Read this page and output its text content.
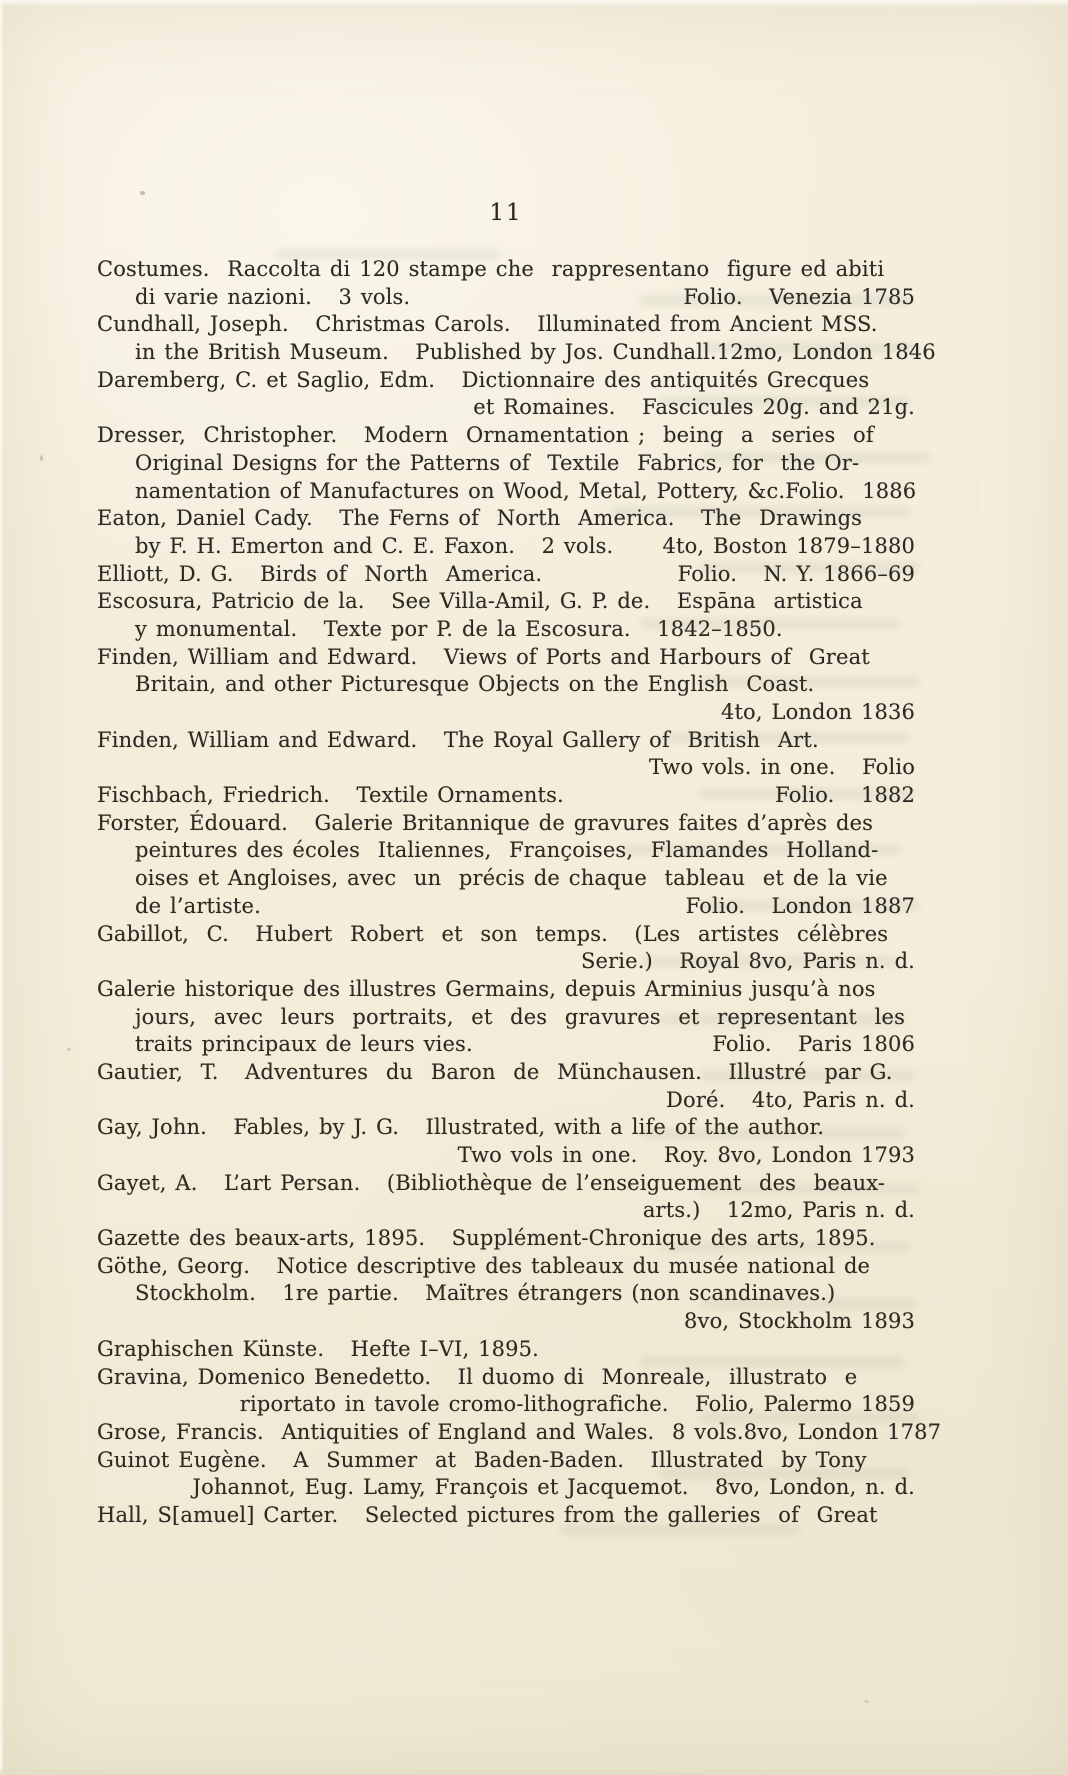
11
Costumes.  Raccolta di 120 stampe che  rappresentano  figure ed abiti
di varie nazioni.   3 vols.	Folio.   Venezia 1785
Cundhall, Joseph.   Christmas Carols.   Illuminated from Ancient MSS.
in the British Museum.   Published by Jos. Cundhall. 12mo, London 1846
Daremberg, C. et Saglio, Edm.   Dictionnaire des antiquités Grecques
et Romaines.   Fascicules 20g. and 21g.
Dresser,  Christopher.   Modern  Ornamentation ;  being  a  series  of
Original Designs for the Patterns of  Textile  Fabrics, for  the Or-
namentation of Manufactures on Wood, Metal, Pottery, &c. Folio.  1886
Eaton, Daniel Cady.   The Ferns of  North  America.   The  Drawings
by F. H. Emerton and C. E. Faxon.   2 vols. 4to, Boston 1879–1880
Elliott, D. G.   Birds of  North  America.	Folio.   N. Y. 1866–69
Escosura, Patricio de la.   See Villa-Amil, G. P. de.   Espāna  artistica
y monumental.   Texte por P. de la Escosura.   1842–1850.
Finden, William and Edward.   Views of Ports and Harbours of  Great
Britain, and other Picturesque Objects on the English  Coast.
4to, London 1836
Finden, William and Edward.   The Royal Gallery of  British  Art.
Two vols. in one.   Folio
Fischbach, Friedrich.   Textile Ornaments.	Folio.   1882
Forster, Édouard.   Galerie Britannique de gravures faites d’après des
peintures des écoles  Italiennes,  Françoises,  Flamandes  Holland-
oises et Angloises, avec  un  précis de chaque  tableau  et de la vie
de l’artiste.	Folio.   London 1887
Gabillot,  C.   Hubert  Robert  et  son  temps.   (Les  artistes  célèbres
Serie.)   Royal 8vo, Paris n. d.
Galerie historique des illustres Germains, depuis Arminius jusqu’à nos
jours,  avec  leurs  portraits,  et  des  gravures  et  representant  les
traits principaux de leurs vies.	Folio.   Paris 1806
Gautier,  T.   Adventures  du  Baron  de  Münchausen.   Illustré  par G.
Doré.   4to, Paris n. d.
Gay, John.   Fables, by J. G.   Illustrated, with a life of the author.
Two vols in one.   Roy. 8vo, London 1793
Gayet, A.   L’art Persan.   (Bibliothèque de l’enseiguement  des  beaux-
arts.)   12mo, Paris n. d.
Gazette des beaux-arts, 1895.   Supplément-Chronique des arts, 1895.
Göthe, Georg.   Notice descriptive des tableaux du musée national de
Stockholm.   1re partie.   Maïtres étrangers (non scandinaves.)
8vo, Stockholm 1893
Graphischen Künste.   Hefte I–VI, 1895.
Gravina, Domenico Benedetto.   Il duomo di  Monreale,  illustrato  e
riportato in tavole cromo-lithografiche.   Folio, Palermo 1859
Grose, Francis.  Antiquities of England and Wales.  8 vols. 8vo, London 1787
Guinot Eugène.   A  Summer  at  Baden-Baden.   Illustrated  by Tony
Johannot, Eug. Lamy, François et Jacquemot.   8vo, London, n. d.
Hall, S[amuel] Carter.   Selected pictures from the galleries  of  Great
